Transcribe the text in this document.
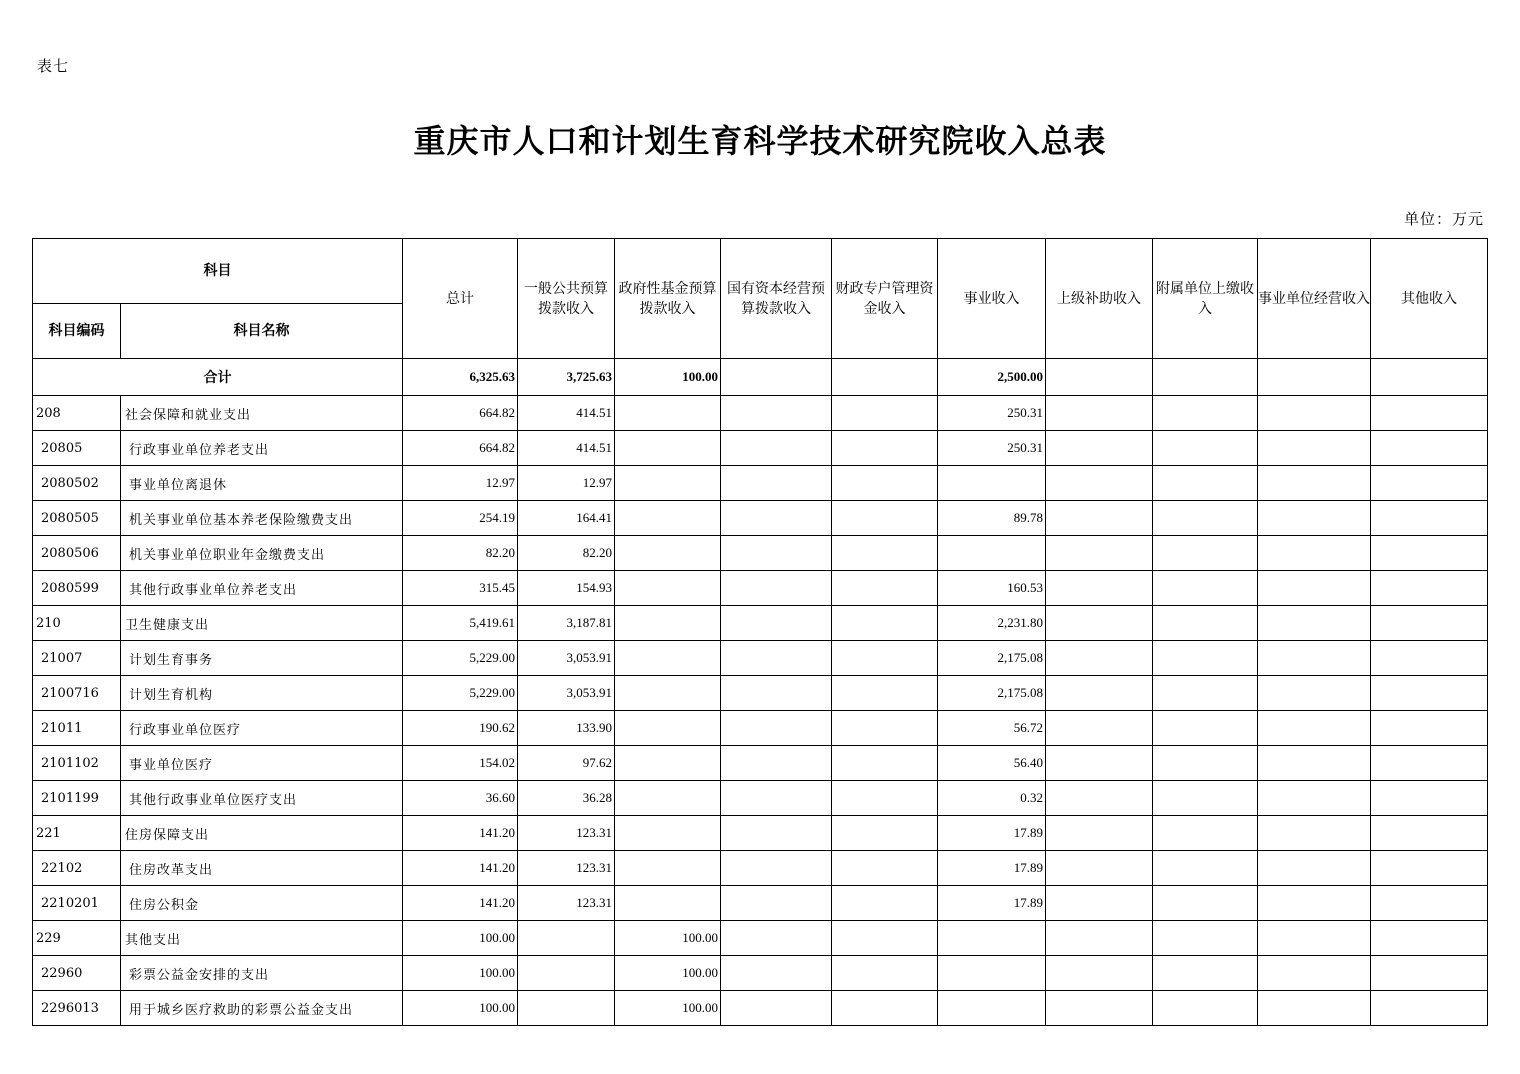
表七
重庆市人口和计划生育科学技术研究院收入总表
单位：万元
科目		总计	一般公共预算拨款收入	政府性基金预算拨款收入	国有资本经营预算拨款收入	财政专户管理资金收入	事业收入	上级补助收入	附属单位上缴收入	事业单位经营收入	其他收入
科目编码	科目名称										
合计		6,325.63	3,725.63	100.00			2,500.00				
208	社会保障和就业支出	664.82	414.51				250.31				
20805	行政事业单位养老支出	664.82	414.51				250.31				
2080502	事业单位离退休	12.97	12.97								
2080505	机关事业单位基本养老保险缴费支出	254.19	164.41				89.78				
2080506	机关事业单位职业年金缴费支出	82.20	82.20								
2080599	其他行政事业单位养老支出	315.45	154.93				160.53				
210	卫生健康支出	5,419.61	3,187.81				2,231.80				
21007	计划生育事务	5,229.00	3,053.91				2,175.08				
2100716	计划生育机构	5,229.00	3,053.91				2,175.08				
21011	行政事业单位医疗	190.62	133.90				56.72				
2101102	事业单位医疗	154.02	97.62				56.40				
2101199	其他行政事业单位医疗支出	36.60	36.28				0.32				
221	住房保障支出	141.20	123.31				17.89				
22102	住房改革支出	141.20	123.31				17.89				
2210201	住房公积金	141.20	123.31				17.89				
229	其他支出	100.00		100.00							
22960	彩票公益金安排的支出	100.00		100.00							
2296013	用于城乡医疗救助的彩票公益金支出	100.00		100.00							
